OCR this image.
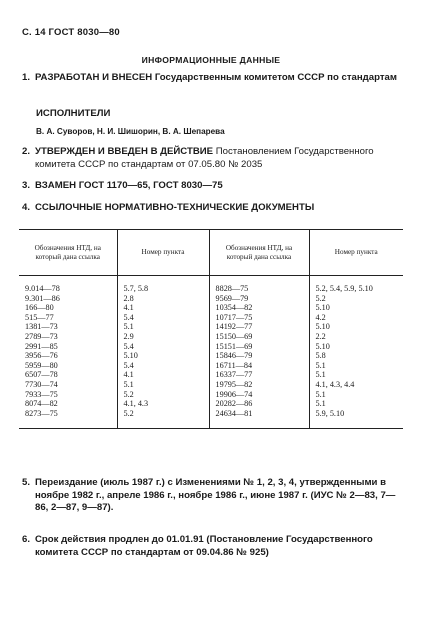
С. 14 ГОСТ 8030—80
ИНФОРМАЦИОННЫЕ ДАННЫЕ
1. РАЗРАБОТАН И ВНЕСЕН Государственным комитетом СССР по стандартам
ИСПОЛНИТЕЛИ
В. А. Суворов, Н. И. Шишорин, В. А. Шепарева
2. УТВЕРЖДЕН И ВВЕДЕН В ДЕЙСТВИЕ Постановлением Государственного комитета СССР по стандартам от 07.05.80 № 2035
3. ВЗАМЕН ГОСТ 1170—65, ГОСТ 8030—75
4. ССЫЛОЧНЫЕ НОРМАТИВНО-ТЕХНИЧЕСКИЕ ДОКУМЕНТЫ
Обозначения НТД, на который дана ссылка	Номер пункта	Обозначения НТД, на который дана ссылка	Номер пункта
9.014—78	5.7, 5.8	8828—75	5.2, 5.4, 5.9, 5.10
9.301—86	2.8	9569—79	5.2
166—80	4.1	10354—82	5.10
515—77	5.4	10717—75	4.2
1381—73	5.1	14192—77	5.10
2789—73	2.9	15150—69	2.2
2991—85	5.4	15151—69	5.10
3956—76	5.10	15846—79	5.8
5959—80	5.4	16711—84	5.1
6507—78	4.1	16337—77	5.1
7730—74	5.1	19795—82	4.1, 4.3, 4.4
7933—75	5.2	19906—74	5.1
8074—82	4.1, 4.3	20282—86	5.1
8273—75	5.2	24634—81	5.9, 5.10
5. Переиздание (июль 1987 г.) с Изменениями № 1, 2, 3, 4, утвержденными в ноябре 1982 г., апреле 1986 г., ноябре 1986 г., июне 1987 г. (ИУС № 2—83, 7—86, 2—87, 9—87).
6. Срок действия продлен до 01.01.91 (Постановление Государственного комитета СССР по стандартам от 09.04.86 № 925)
